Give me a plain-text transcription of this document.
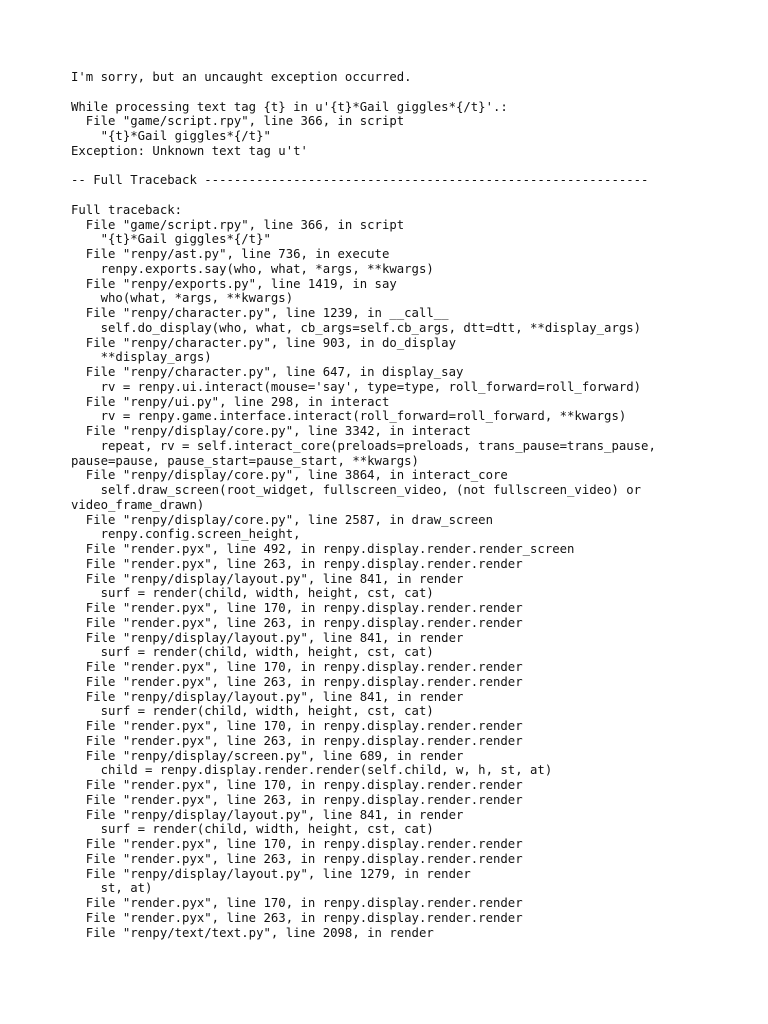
I'm sorry, but an uncaught exception occurred.
While processing text tag {t} in u'{t}*Gail giggles*{/t}'.:
File "game/script.rpy", line 366, in script
"{t}*Gail giggles*{/t}"
Exception: Unknown text tag u't'
-- Full Traceback ------------------------------------------------------------
Full traceback:
File "game/script.rpy", line 366, in script
"{t}*Gail giggles*{/t}"
File "renpy/ast.py", line 736, in execute
renpy.exports.say(who, what, *args, **kwargs)
File "renpy/exports.py", line 1419, in say
who(what, *args, **kwargs)
File "renpy/character.py", line 1239, in __call__
self.do_display(who, what, cb_args=self.cb_args, dtt=dtt, **display_args)
File "renpy/character.py", line 903, in do_display
**display_args)
File "renpy/character.py", line 647, in display_say
rv = renpy.ui.interact(mouse='say', type=type, roll_forward=roll_forward)
File "renpy/ui.py", line 298, in interact
rv = renpy.game.interface.interact(roll_forward=roll_forward, **kwargs)
File "renpy/display/core.py", line 3342, in interact
repeat, rv = self.interact_core(preloads=preloads, trans_pause=trans_pause,
pause=pause, pause_start=pause_start, **kwargs)
File "renpy/display/core.py", line 3864, in interact_core
self.draw_screen(root_widget, fullscreen_video, (not fullscreen_video) or
video_frame_drawn)
File "renpy/display/core.py", line 2587, in draw_screen
renpy.config.screen_height,
File "render.pyx", line 492, in renpy.display.render.render_screen
File "render.pyx", line 263, in renpy.display.render.render
File "renpy/display/layout.py", line 841, in render
surf = render(child, width, height, cst, cat)
File "render.pyx", line 170, in renpy.display.render.render
File "render.pyx", line 263, in renpy.display.render.render
File "renpy/display/layout.py", line 841, in render
surf = render(child, width, height, cst, cat)
File "render.pyx", line 170, in renpy.display.render.render
File "render.pyx", line 263, in renpy.display.render.render
File "renpy/display/layout.py", line 841, in render
surf = render(child, width, height, cst, cat)
File "render.pyx", line 170, in renpy.display.render.render
File "render.pyx", line 263, in renpy.display.render.render
File "renpy/display/screen.py", line 689, in render
child = renpy.display.render.render(self.child, w, h, st, at)
File "render.pyx", line 170, in renpy.display.render.render
File "render.pyx", line 263, in renpy.display.render.render
File "renpy/display/layout.py", line 841, in render
surf = render(child, width, height, cst, cat)
File "render.pyx", line 170, in renpy.display.render.render
File "render.pyx", line 263, in renpy.display.render.render
File "renpy/display/layout.py", line 1279, in render
st, at)
File "render.pyx", line 170, in renpy.display.render.render
File "render.pyx", line 263, in renpy.display.render.render
File "renpy/text/text.py", line 2098, in render
